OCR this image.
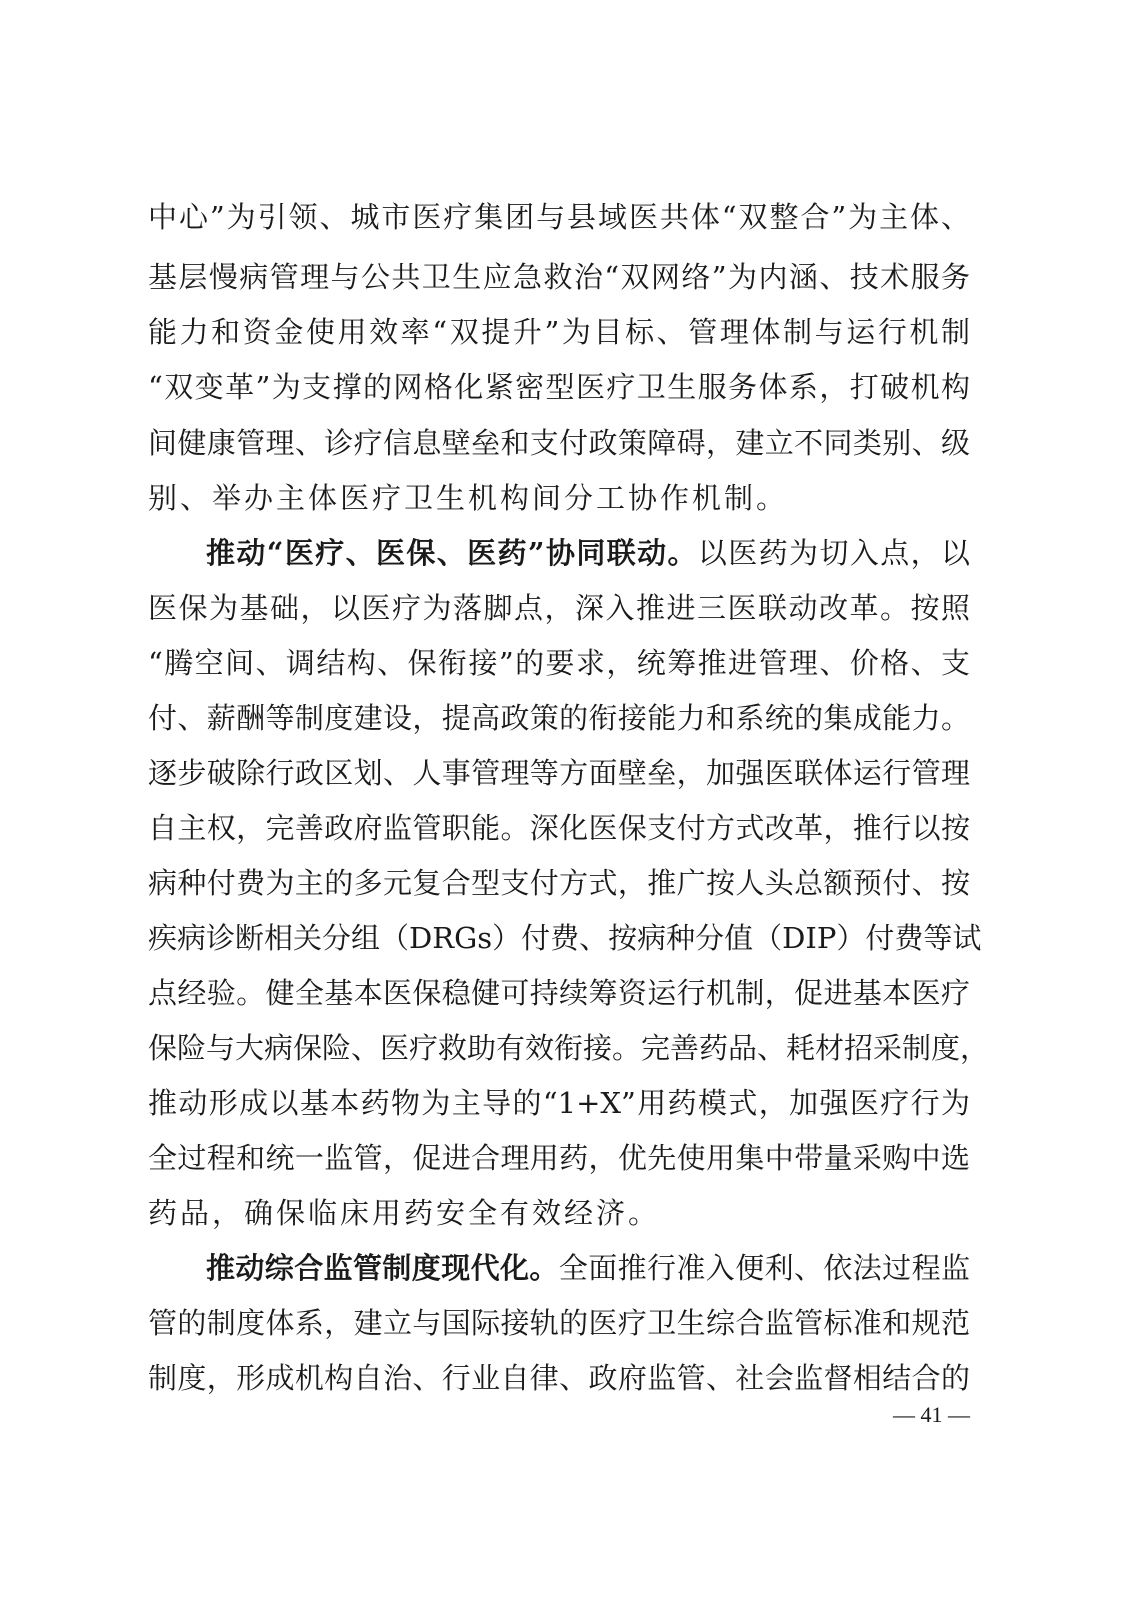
中心”为引领、城市医疗集团与县域医共体“双整合”为主体、
基层慢病管理与公共卫生应急救治“双网络”为内涵、技术服务
能力和资金使用效率“双提升”为目标、管理体制与运行机制
“双变革”为支撑的网格化紧密型医疗卫生服务体系，打破机构
间健康管理、诊疗信息壁垒和支付政策障碍，建立不同类别、级
别、举办主体医疗卫生机构间分工协作机制。
推动“医疗、医保、医药”协同联动。以医药为切入点，以
医保为基础，以医疗为落脚点，深入推进三医联动改革。按照
“腾空间、调结构、保衔接”的要求，统筹推进管理、价格、支
付、薪酬等制度建设，提高政策的衔接能力和系统的集成能力。
逐步破除行政区划、人事管理等方面壁垒，加强医联体运行管理
自主权，完善政府监管职能。深化医保支付方式改革，推行以按
病种付费为主的多元复合型支付方式，推广按人头总额预付、按
疾病诊断相关分组（DRGs）付费、按病种分值（DIP）付费等试
点经验。健全基本医保稳健可持续筹资运行机制，促进基本医疗
保险与大病保险、医疗救助有效衔接。完善药品、耗材招采制度，
推动形成以基本药物为主导的“1+X”用药模式，加强医疗行为
全过程和统一监管，促进合理用药，优先使用集中带量采购中选
药品，确保临床用药安全有效经济。
推动综合监管制度现代化。全面推行准入便利、依法过程监
管的制度体系，建立与国际接轨的医疗卫生综合监管标准和规范
制度，形成机构自治、行业自律、政府监管、社会监督相结合的
— 41 —
